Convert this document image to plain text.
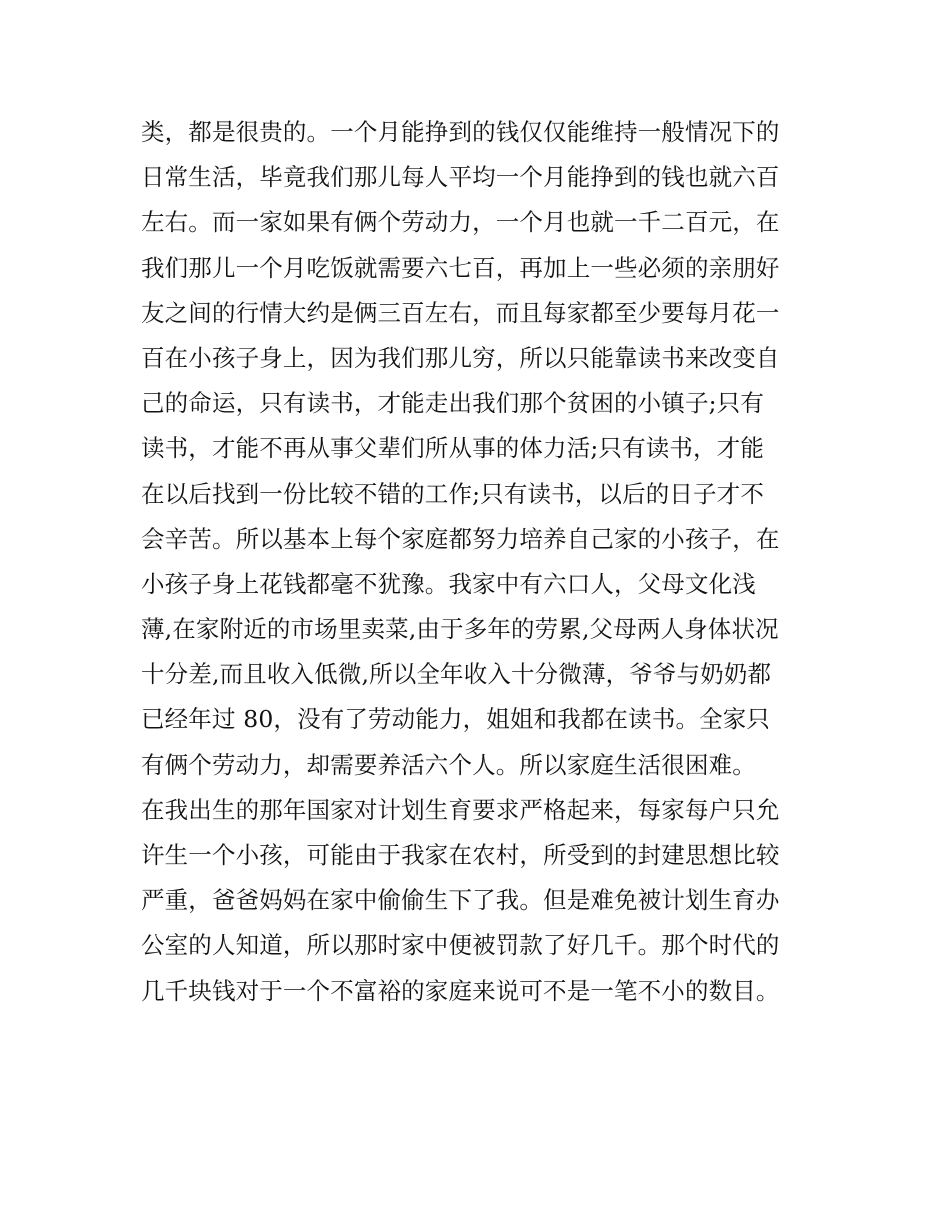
类，都是很贵的。一个月能挣到的钱仅仅能维持一般情况下的
日常生活，毕竟我们那儿每人平均一个月能挣到的钱也就六百
左右。而一家如果有俩个劳动力，一个月也就一千二百元，在
我们那儿一个月吃饭就需要六七百，再加上一些必须的亲朋好
友之间的行情大约是俩三百左右，而且每家都至少要每月花一
百在小孩子身上，因为我们那儿穷，所以只能靠读书来改变自
己的命运，只有读书，才能走出我们那个贫困的小镇子;只有
读书，才能不再从事父辈们所从事的体力活;只有读书，才能
在以后找到一份比较不错的工作;只有读书，以后的日子才不
会辛苦。所以基本上每个家庭都努力培养自己家的小孩子，在
小孩子身上花钱都毫不犹豫。我家中有六口人，父母文化浅
薄,在家附近的市场里卖菜,由于多年的劳累,父母两人身体状况
十分差,而且收入低微,所以全年收入十分微薄，爷爷与奶奶都
已经年过 80，没有了劳动能力，姐姐和我都在读书。全家只
有俩个劳动力，却需要养活六个人。所以家庭生活很困难。
在我出生的那年国家对计划生育要求严格起来，每家每户只允
许生一个小孩，可能由于我家在农村，所受到的封建思想比较
严重，爸爸妈妈在家中偷偷生下了我。但是难免被计划生育办
公室的人知道，所以那时家中便被罚款了好几千。那个时代的
几千块钱对于一个不富裕的家庭来说可不是一笔不小的数目。
